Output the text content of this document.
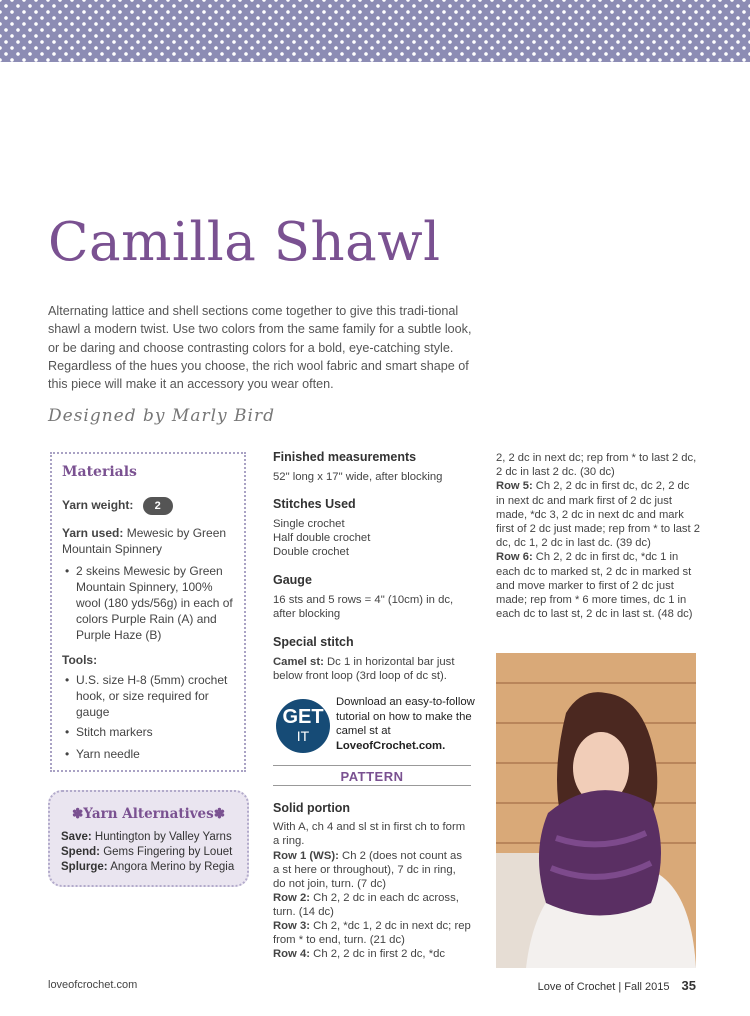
Camilla Shawl

Alternating lattice and shell sections come together to give this tradi-tional shawl a modern twist. Use two colors from the same family for a subtle look, or be daring and choose contrasting colors for a bold, eye-catching style. Regardless of the hues you choose, the rich wool fabric and smart shape of this piece will make it an accessory you wear often.

Designed by Marly Bird
Materials

Yarn weight: 2

Yarn used: Mewesic by Green Mountain Spinnery

• 2 skeins Mewesic by Green Mountain Spinnery, 100% wool (180 yds/56g) in each of colors Purple Rain (A) and Purple Haze (B)

Tools:

• U.S. size H-8 (5mm) crochet hook, or size required for gauge

• Stitch markers

• Yarn needle

✽Yarn Alternatives✽

Save: Huntington by Valley Yarns

Spend: Gems Fingering by Louet

Splurge: Angora Merino by Regia

Finished measurements

52" long x 17" wide, after blocking

Stitches Used

Single crochet

Half double crochet

Double crochet

Gauge

16 sts and 5 rows = 4" (10cm) in dc, after blocking

Special stitch

Camel st: Dc 1 in horizontal bar just below front loop (3rd loop of dc st).

GET
IT

Download an easy-to-follow tutorial on how to make the camel st at LoveofCrochet.com.

PATTERN

Solid portion

With A, ch 4 and sl st in first ch to form a ring.

Row 1 (WS): Ch 2 (does not count as a st here or throughout), 7 dc in ring, do not join, turn. (7 dc)

Row 2: Ch 2, 2 dc in each dc across, turn. (14 dc)

Row 3: Ch 2, *dc 1, 2 dc in next dc; rep from * to end, turn. (21 dc)

Row 4: Ch 2, 2 dc in first 2 dc, *dc

2, 2 dc in next dc; rep from * to last 2 dc, 2 dc in last 2 dc. (30 dc)
Row 5: Ch 2, 2 dc in first dc, dc 2, 2 dc in next dc and mark first of 2 dc just made, *dc 3, 2 dc in next dc and mark first of 2 dc just made; rep from * to last 2 dc, dc 1, 2 dc in last dc. (39 dc)
Row 6: Ch 2, 2 dc in first dc, *dc 1 in each dc to marked st, 2 dc in marked st and move marker to first of 2 dc just made; rep from * 6 more times, dc 1 in each dc to last st, 2 dc in last st. (48 dc)

loveofcrochet.com	Love of Crochet | Fall 2015 35
